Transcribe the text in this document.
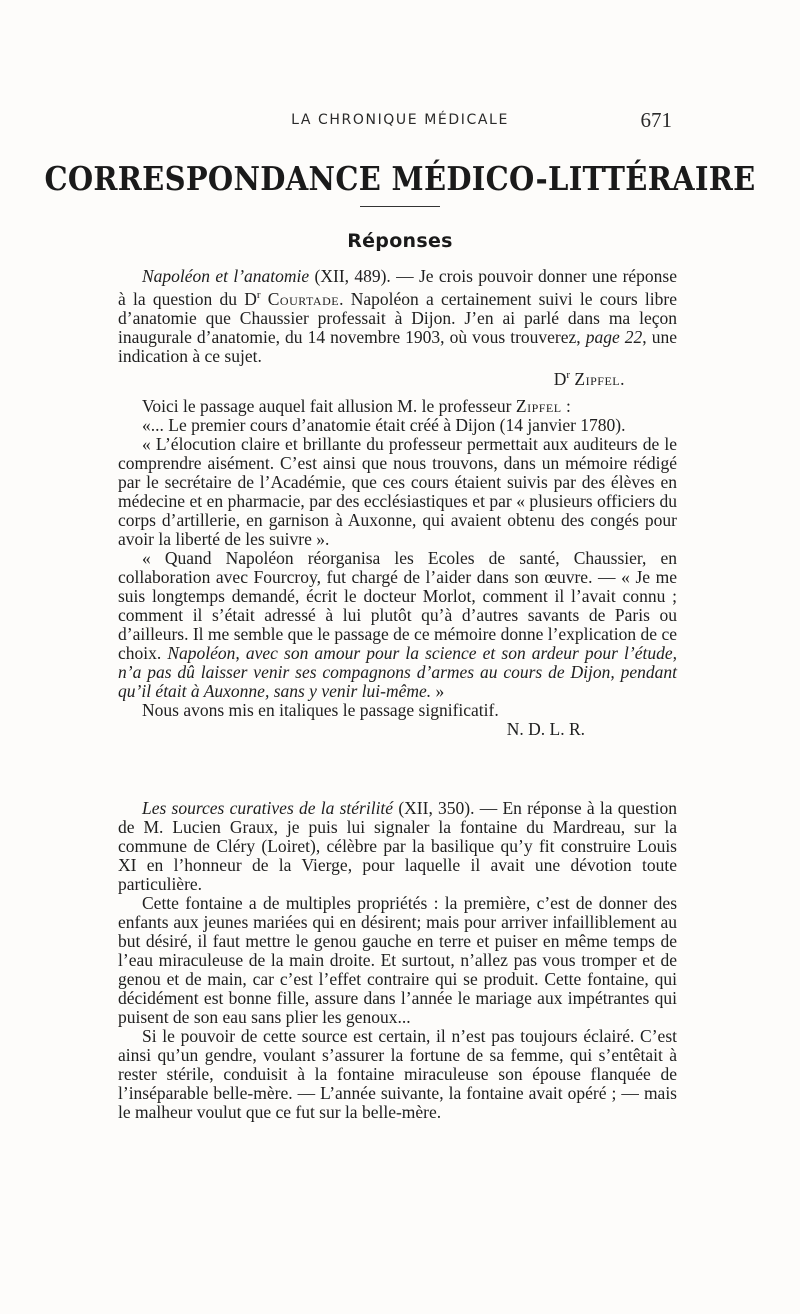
LA CHRONIQUE MÉDICALE	671
CORRESPONDANCE MÉDICO-LITTÉRAIRE
Réponses

Napoléon et l’anatomie (XII, 489). — Je crois pouvoir donner une réponse à la question du $D^r$ Courtade. Napoléon a certainement suivi le cours libre d’anatomie que Chaussier professait à Dijon. J’en ai parlé dans ma leçon inaugurale d’anatomie, du 14 novembre 1903, où vous trouverez, page 22, une indication à ce sujet.

$D^r$ Zipfel.

Voici le passage auquel fait allusion M. le professeur Zipfel :

«... Le premier cours d’anatomie était créé à Dijon (14 janvier 1780).

« L’élocution claire et brillante du professeur permettait aux auditeurs de le comprendre aisément. C’est ainsi que nous trouvons, dans un mémoire rédigé par le secrétaire de l’Académie, que ces cours étaient suivis par des élèves en médecine et en pharmacie, par des ecclésiastiques et par « plusieurs officiers du corps d’artillerie, en garnison à Auxonne, qui avaient obtenu des congés pour avoir la liberté de les suivre ».

« Quand Napoléon réorganisa les Ecoles de santé, Chaussier, en collaboration avec Fourcroy, fut chargé de l’aider dans son œuvre. — « Je me suis longtemps demandé, écrit le docteur Morlot, comment il l’avait connu ; comment il s’était adressé à lui plutôt qu’à d’autres savants de Paris ou d’ailleurs. Il me semble que le passage de ce mémoire donne l’explication de ce choix. Napoléon, avec son amour pour la science et son ardeur pour l’étude, n’a pas dû laisser venir ses compagnons d’armes au cours de Dijon, pendant qu’il était à Auxonne, sans y venir lui-même. »

Nous avons mis en italiques le passage significatif.

N. D. L. R.

Les sources curatives de la stérilité (XII, 350). — En réponse à la question de M. Lucien Graux, je puis lui signaler la fontaine du Mardreau, sur la commune de Cléry (Loiret), célèbre par la basilique qu’y fit construire Louis XI en l’honneur de la Vierge, pour laquelle il avait une dévotion toute particulière.

Cette fontaine a de multiples propriétés : la première, c’est de donner des enfants aux jeunes mariées qui en désirent; mais pour arriver infailliblement au but désiré, il faut mettre le genou gauche en terre et puiser en même temps de l’eau miraculeuse de la main droite. Et surtout, n’allez pas vous tromper et de genou et de main, car c’est l’effet contraire qui se produit. Cette fontaine, qui décidément est bonne fille, assure dans l’année le mariage aux impétrantes qui puisent de son eau sans plier les genoux...

Si le pouvoir de cette source est certain, il n’est pas toujours éclairé. C’est ainsi qu’un gendre, voulant s’assurer la fortune de sa femme, qui s’entêtait à rester stérile, conduisit à la fontaine miraculeuse son épouse flanquée de l’inséparable belle-mère. — L’année suivante, la fontaine avait opéré ; — mais le malheur voulut que ce fut sur la belle-mère.
